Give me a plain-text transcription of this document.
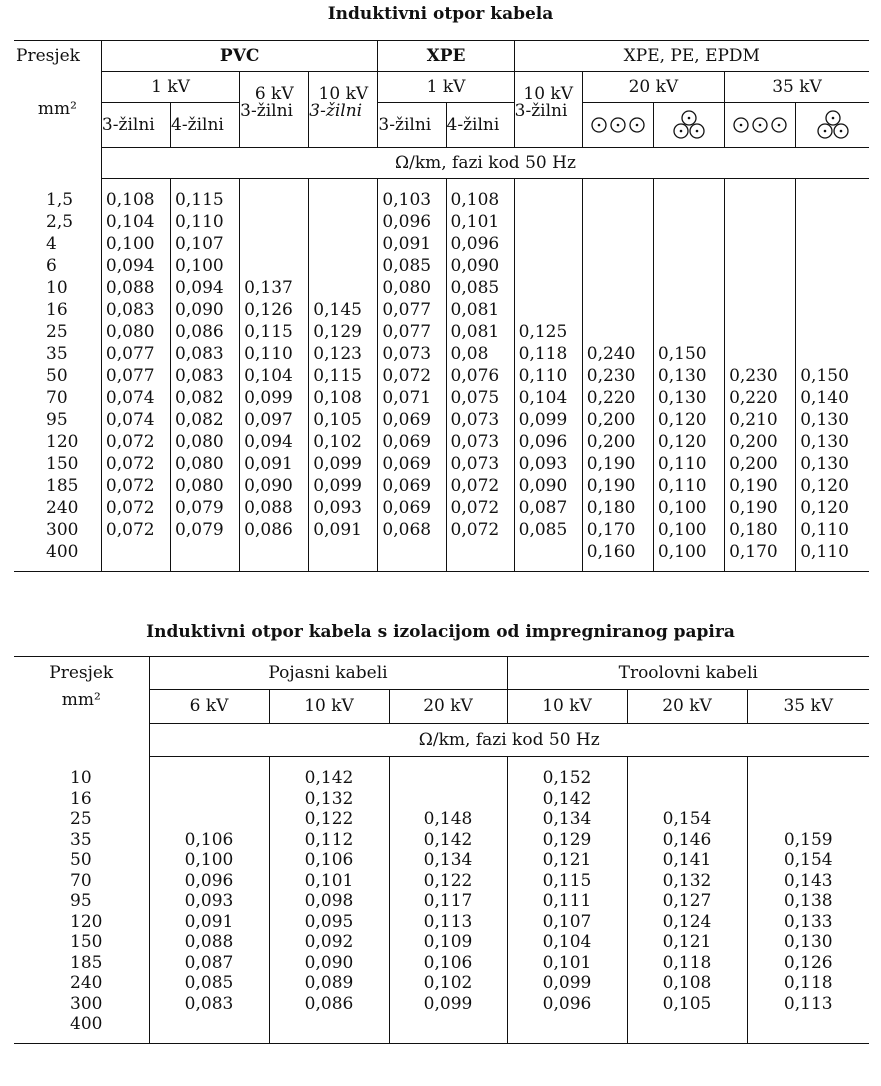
Induktivni otpor kabela
Presjek	PVC				XPE		XPE, PE, EPDM				
mm²	1 kV		6 kV	10 kV	1 kV		10 kV	20 kV		35 kV	
	3-žilni	4-žilni	3-žilni	3-žilni	3-žilni	4-žilni	3-žilni	

	Ω/km, fazi kod 50 Hz										

1,5	0,108	0,115			0,103	0,108					
2,5	0,104	0,110			0,096	0,101					
4	0,100	0,107			0,091	0,096					
6	0,094	0,100			0,085	0,090					
10	0,088	0,094	0,137		0,080	0,085					
16	0,083	0,090	0,126	0,145	0,077	0,081					
25	0,080	0,086	0,115	0,129	0,077	0,081	0,125				
35	0,077	0,083	0,110	0,123	0,073	0,08	0,118	0,240	0,150		
50	0,077	0,083	0,104	0,115	0,072	0,076	0,110	0,230	0,130	0,230	0,150
70	0,074	0,082	0,099	0,108	0,071	0,075	0,104	0,220	0,130	0,220	0,140
95	0,074	0,082	0,097	0,105	0,069	0,073	0,099	0,200	0,120	0,210	0,130
120	0,072	0,080	0,094	0,102	0,069	0,073	0,096	0,200	0,120	0,200	0,130
150	0,072	0,080	0,091	0,099	0,069	0,073	0,093	0,190	0,110	0,200	0,130
185	0,072	0,080	0,090	0,099	0,069	0,072	0,090	0,190	0,110	0,190	0,120
240	0,072	0,079	0,088	0,093	0,069	0,072	0,087	0,180	0,100	0,190	0,120
300	0,072	0,079	0,086	0,091	0,068	0,072	0,085	0,170	0,100	0,180	0,110
400								0,160	0,100	0,170	0,110

Induktivni otpor kabela s izolacijom od impregniranog papira
Presjek	Pojasni kabeli			Troolovni kabeli		
mm²	6 kV	10 kV	20 kV	10 kV	20 kV	35 kV
	Ω/km, fazi kod 50 Hz					

10		0,142		0,152		
16		0,132		0,142		
25		0,122	0,148	0,134	0,154	
35	0,106	0,112	0,142	0,129	0,146	0,159
50	0,100	0,106	0,134	0,121	0,141	0,154
70	0,096	0,101	0,122	0,115	0,132	0,143
95	0,093	0,098	0,117	0,111	0,127	0,138
120	0,091	0,095	0,113	0,107	0,124	0,133
150	0,088	0,092	0,109	0,104	0,121	0,130
185	0,087	0,090	0,106	0,101	0,118	0,126
240	0,085	0,089	0,102	0,099	0,108	0,118
300	0,083	0,086	0,099	0,096	0,105	0,113
400						
